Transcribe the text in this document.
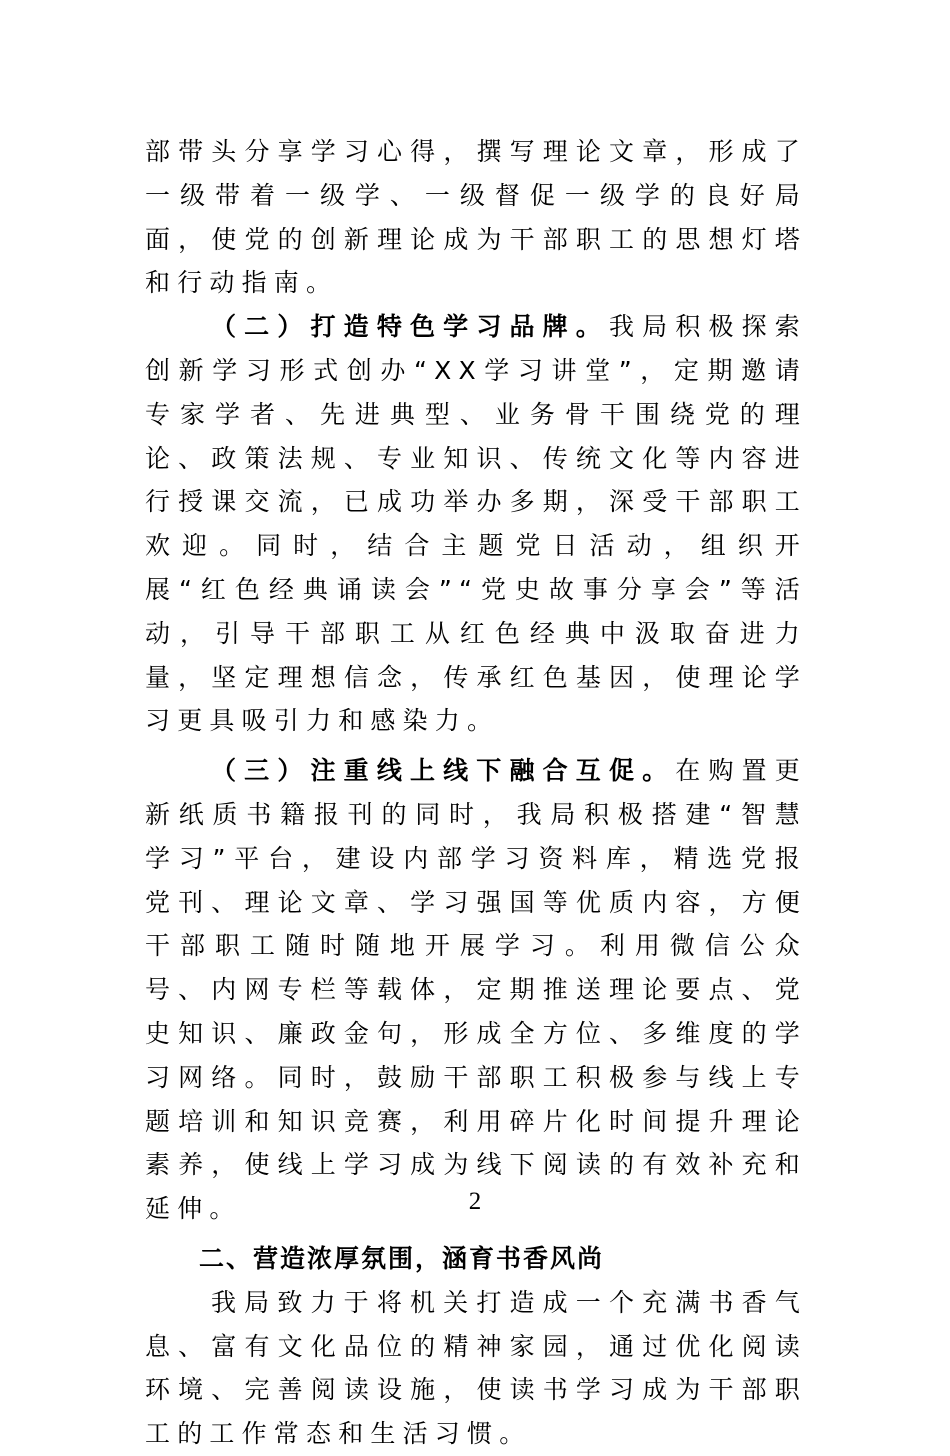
部带头分享学习心得，撰写理论文章，形成了一级带着一级学、一级督促一级学的良好局面，使党的创新理论成为干部职工的思想灯塔和行动指南。

（二）打造特色学习品牌。我局积极探索创新学习形式创办“XX学习讲堂”，定期邀请专家学者、先进典型、业务骨干围绕党的理论、政策法规、专业知识、传统文化等内容进行授课交流，已成功举办多期，深受干部职工欢迎。同时，结合主题党日活动，组织开展“红色经典诵读会”“党史故事分享会”等活动，引导干部职工从红色经典中汲取奋进力量，坚定理想信念，传承红色基因，使理论学习更具吸引力和感染力。

（三）注重线上线下融合互促。在购置更新纸质书籍报刊的同时，我局积极搭建“智慧学习”平台，建设内部学习资料库，精选党报党刊、理论文章、学习强国等优质内容，方便干部职工随时随地开展学习。利用微信公众号、内网专栏等载体，定期推送理论要点、党史知识、廉政金句，形成全方位、多维度的学习网络。同时，鼓励干部职工积极参与线上专题培训和知识竞赛，利用碎片化时间提升理论素养，使线上学习成为线下阅读的有效补充和延伸。

二、营造浓厚氛围，涵育书香风尚

我局致力于将机关打造成一个充满书香气息、富有文化品位的精神家园，通过优化阅读环境、完善阅读设施，使读书学习成为干部职工的工作常态和生活习惯。

2
